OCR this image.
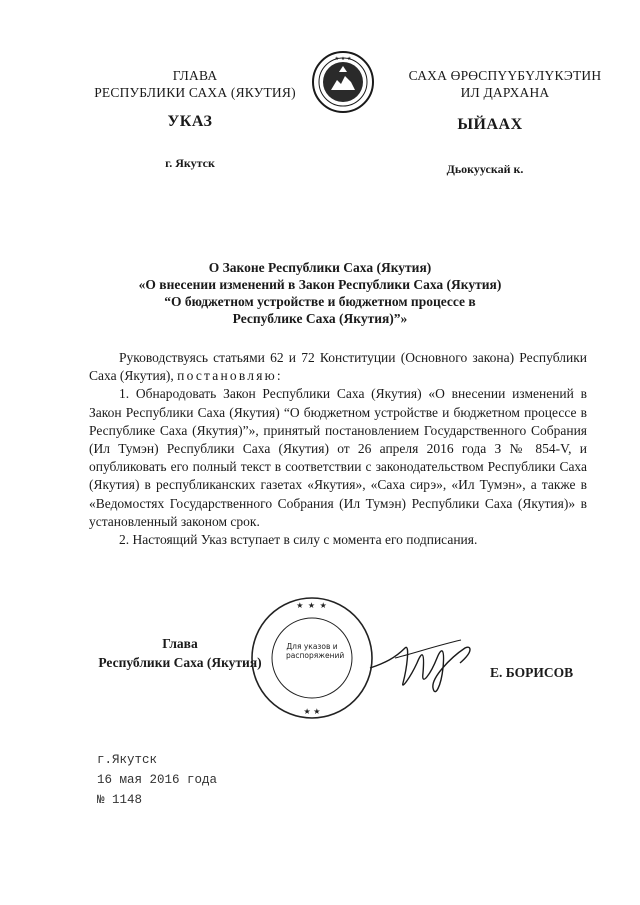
ГЛАВА
РЕСПУБЛИКИ САХА (ЯКУТИЯ)
★ ★ ★
САХА ӨРӨСПҮҮБҮЛҮКЭТИН
ИЛ ДАРХАНА
УКАЗ	ЫЙААХ
г. Якутск	Дьокуускай к.
О Законе Республики Саха (Якутия)
«О внесении изменений в Закон Республики Саха (Якутия)
“О бюджетном устройстве и бюджетном процессе в
Республике Саха (Якутия)”»

Руководствуясь статьями 62 и 72 Конституции (Основного закона) Республики Саха (Якутия), постановляю:

1. Обнародовать Закон Республики Саха (Якутия) «О внесении изменений в Закон Республики Саха (Якутия) “О бюджетном устройстве и бюджетном процессе в Республике Саха (Якутия)”», принятый постановлением Государственного Собрания (Ил Тумэн) Республики Саха (Якутия) от 26 апреля 2016 года З № 854-V, и опубликовать его полный текст в соответствии с законодательством Республики Саха (Якутия) в республиканских газетах «Якутия», «Саха сирэ», «Ил Тумэн», а также в «Ведомостях Государственного Собрания (Ил Тумэн) Республики Саха (Якутия)» в установленный законом срок.

2. Настоящий Указ вступает в силу с момента его подписания.

Глава
Республики Саха (Якутия)
★ ★ ★
★ ★
Для указов и распоряжений
Е. БОРИСОВ
г.Якутск
16 мая 2016 года
№ 1148
